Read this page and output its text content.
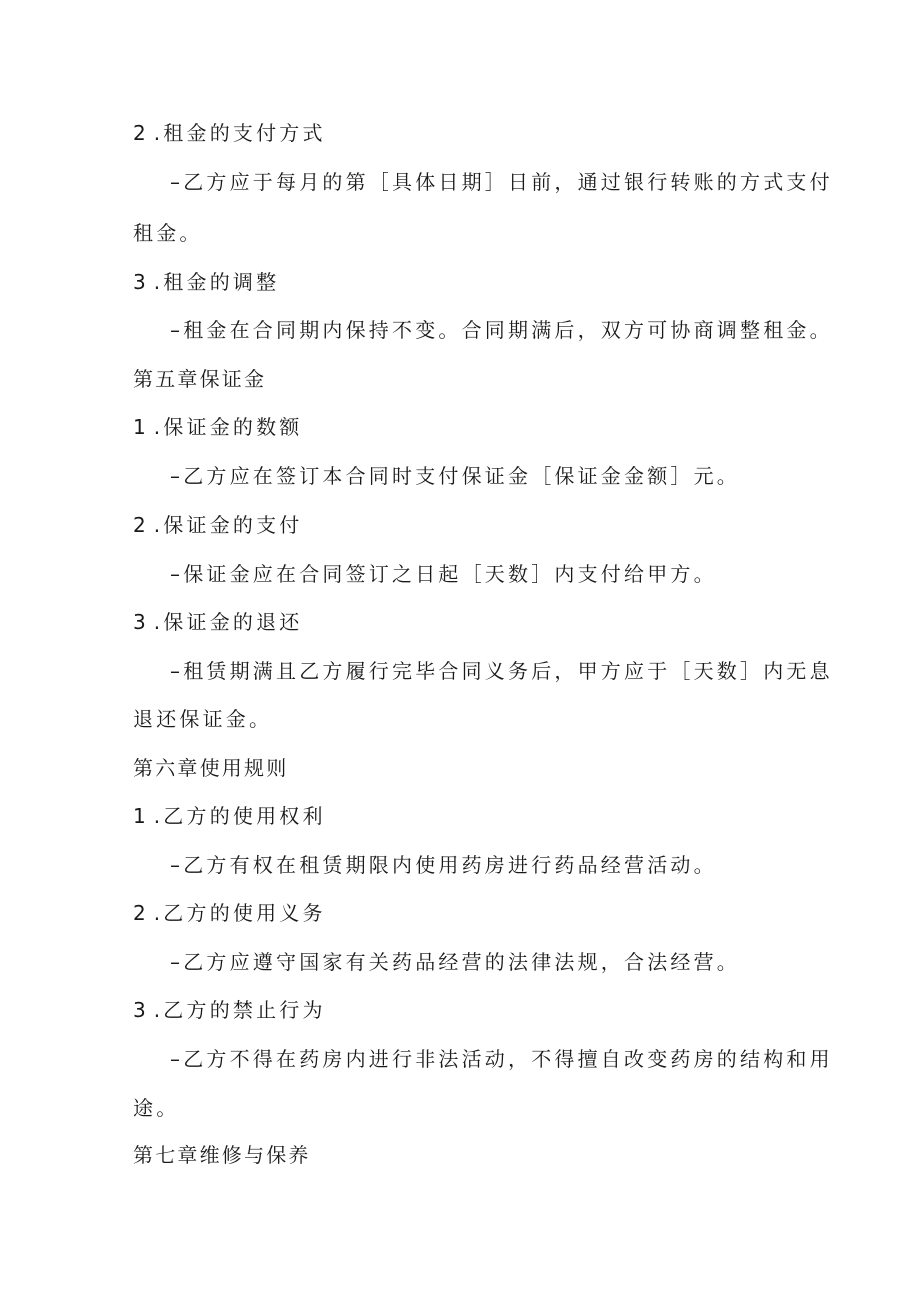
2 .租金的支付方式
–乙方应于每月的第［具体日期］日前，通过银行转账的方式支付
租金。
3 .租金的调整
–租金在合同期内保持不变。合同期满后，双方可协商调整租金。
第五章保证金
1 .保证金的数额
–乙方应在签订本合同时支付保证金［保证金金额］元。
2 .保证金的支付
–保证金应在合同签订之日起［天数］内支付给甲方。
3 .保证金的退还
–租赁期满且乙方履行完毕合同义务后，甲方应于［天数］内无息
退还保证金。
第六章使用规则
1 .乙方的使用权利
–乙方有权在租赁期限内使用药房进行药品经营活动。
2 .乙方的使用义务
–乙方应遵守国家有关药品经营的法律法规，合法经营。
3 .乙方的禁止行为
–乙方不得在药房内进行非法活动，不得擅自改变药房的结构和用
途。
第七章维修与保养
